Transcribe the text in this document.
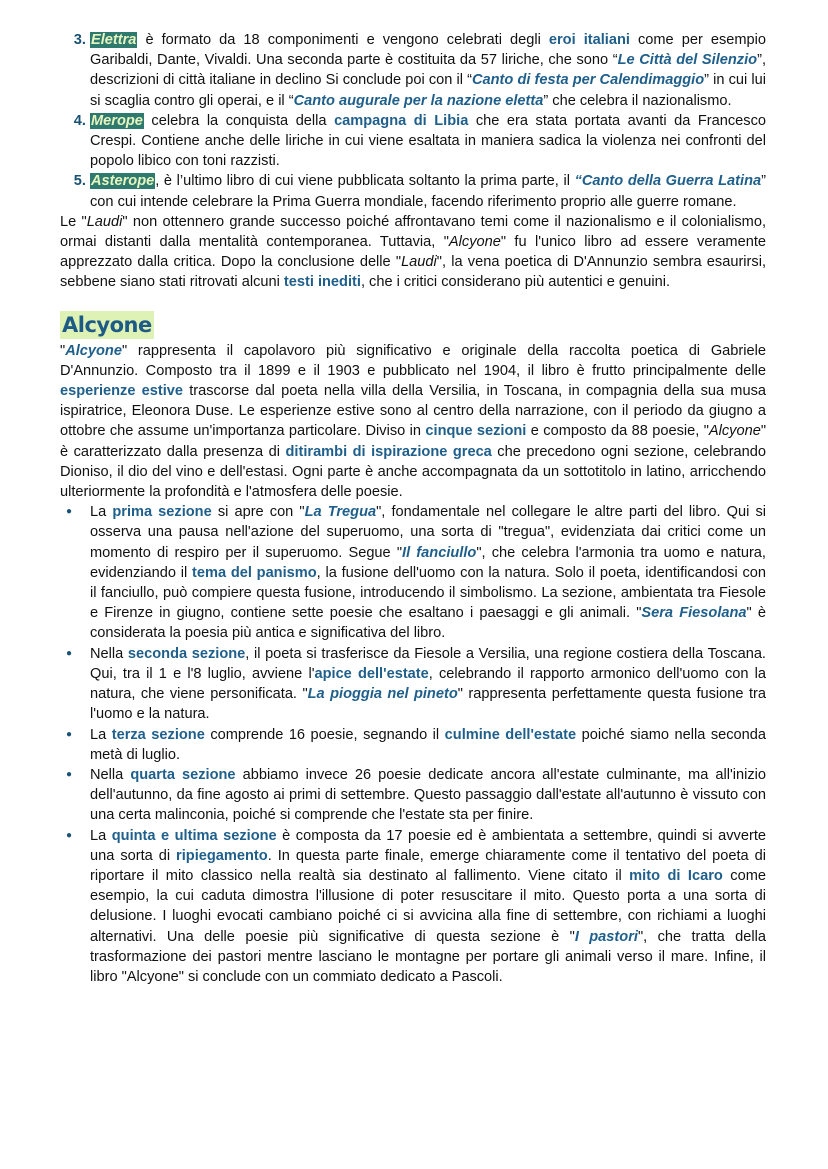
3. Elettra è formato da 18 componimenti e vengono celebrati degli eroi italiani come per esempio Garibaldi, Dante, Vivaldi. Una seconda parte è costituita da 57 liriche, che sono “Le Città del Silenzio”, descrizioni di città italiane in declino Si conclude poi con il “Canto di festa per Calendimaggio” in cui lui si scaglia contro gli operai, e il “Canto augurale per la nazione eletta” che celebra il nazionalismo.
4. Merope celebra la conquista della campagna di Libia che era stata portata avanti da Francesco Crespi. Contiene anche delle liriche in cui viene esaltata in maniera sadica la violenza nei confronti del popolo libico con toni razzisti.
5. Asterope, è l’ultimo libro di cui viene pubblicata soltanto la prima parte, il “Canto della Guerra Latina” con cui intende celebrare la Prima Guerra mondiale, facendo riferimento proprio alle guerre romane.

Le "Laudi" non ottennero grande successo poiché affrontavano temi come il nazionalismo e il colonialismo, ormai distanti dalla mentalità contemporanea. Tuttavia, "Alcyone" fu l'unico libro ad essere veramente apprezzato dalla critica. Dopo la conclusione delle "Laudi", la vena poetica di D'Annunzio sembra esaurirsi, sebbene siano stati ritrovati alcuni testi inediti, che i critici considerano più autentici e genuini.

Alcyone

"Alcyone" rappresenta il capolavoro più significativo e originale della raccolta poetica di Gabriele D'Annunzio. Composto tra il 1899 e il 1903 e pubblicato nel 1904, il libro è frutto principalmente delle esperienze estive trascorse dal poeta nella villa della Versilia, in Toscana, in compagnia della sua musa ispiratrice, Eleonora Duse. Le esperienze estive sono al centro della narrazione, con il periodo da giugno a ottobre che assume un'importanza particolare. Diviso in cinque sezioni e composto da 88 poesie, "Alcyone" è caratterizzato dalla presenza di ditirambi di ispirazione greca che precedono ogni sezione, celebrando Dioniso, il dio del vino e dell'estasi. Ogni parte è anche accompagnata da un sottotitolo in latino, arricchendo ulteriormente la profondità e l'atmosfera delle poesie.

● La prima sezione si apre con "La Tregua", fondamentale nel collegare le altre parti del libro. Qui si osserva una pausa nell'azione del superuomo, una sorta di "tregua", evidenziata dai critici come un momento di respiro per il superuomo. Segue "Il fanciullo", che celebra l'armonia tra uomo e natura, evidenziando il tema del panismo, la fusione dell'uomo con la natura. Solo il poeta, identificandosi con il fanciullo, può compiere questa fusione, introducendo il simbolismo. La sezione, ambientata tra Fiesole e Firenze in giugno, contiene sette poesie che esaltano i paesaggi e gli animali. "Sera Fiesolana" è considerata la poesia più antica e significativa del libro.
● Nella seconda sezione, il poeta si trasferisce da Fiesole a Versilia, una regione costiera della Toscana. Qui, tra il 1 e l'8 luglio, avviene l'apice dell'estate, celebrando il rapporto armonico dell'uomo con la natura, che viene personificata. "La pioggia nel pineto" rappresenta perfettamente questa fusione tra l'uomo e la natura.
● La terza sezione comprende 16 poesie, segnando il culmine dell'estate poiché siamo nella seconda metà di luglio.
● Nella quarta sezione abbiamo invece 26 poesie dedicate ancora all'estate culminante, ma all'inizio dell'autunno, da fine agosto ai primi di settembre. Questo passaggio dall'estate all'autunno è vissuto con una certa malinconia, poiché si comprende che l'estate sta per finire.
● La quinta e ultima sezione è composta da 17 poesie ed è ambientata a settembre, quindi si avverte una sorta di ripiegamento. In questa parte finale, emerge chiaramente come il tentativo del poeta di riportare il mito classico nella realtà sia destinato al fallimento. Viene citato il mito di Icaro come esempio, la cui caduta dimostra l'illusione di poter resuscitare il mito. Questo porta a una sorta di delusione. I luoghi evocati cambiano poiché ci si avvicina alla fine di settembre, con richiami a luoghi alternativi. Una delle poesie più significative di questa sezione è "I pastori", che tratta della trasformazione dei pastori mentre lasciano le montagne per portare gli animali verso il mare. Infine, il libro "Alcyone" si conclude con un commiato dedicato a Pascoli.
